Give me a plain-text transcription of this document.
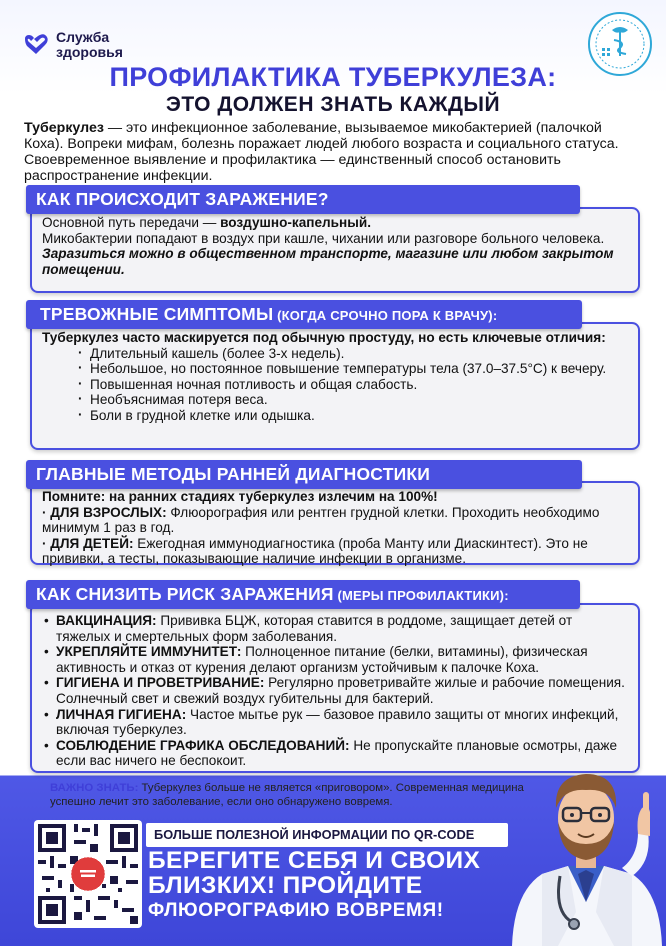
Служба
здоровья
ПРОФИЛАКТИКА ТУБЕРКУЛЕЗА:
ЭТО ДОЛЖЕН ЗНАТЬ КАЖДЫЙ
Туберкулез — это инфекционное заболевание, вызываемое микобактерией (палочкой Коха). Вопреки мифам, болезнь поражает людей любого возраста и социального статуса. Своевременное выявление и профилактика — единственный способ остановить распространение инфекции.
Основной путь передачи — воздушно-капельный.
Микобактерии попадают в воздух при кашле, чихании или разговоре больного человека.
Заразиться можно в общественном транспорте, магазине или любом закрытом помещении.
КАК ПРОИСХОДИТ ЗАРАЖЕНИЕ?
Туберкулез часто маскируется под обычную простуду, но есть ключевые отличия:
· Длительный кашель (более 3-х недель).
· Небольшое, но постоянное повышение температуры тела (37.0–37.5°C) к вечеру.
· Повышенная ночная потливость и общая слабость.
· Необъяснимая потеря веса.
· Боли в грудной клетке или одышка.
ТРЕВОЖНЫЕ СИМПТОМЫ (КОГДА СРОЧНО ПОРА К ВРАЧУ):
Помните: на ранних стадиях туберкулез излечим на 100%!
· ДЛЯ ВЗРОСЛЫХ: Флюорография или рентген грудной клетки. Проходить необходимо минимум 1 раз в год.
· ДЛЯ ДЕТЕЙ: Ежегодная иммунодиагностика (проба Манту или Диаскинтест). Это не прививки, а тесты, показывающие наличие инфекции в организме.
ГЛАВНЫЕ МЕТОДЫ РАННЕЙ ДИАГНОСТИКИ
• ВАКЦИНАЦИЯ: Прививка БЦЖ, которая ставится в роддоме, защищает детей от тяжелых и смертельных форм заболевания.
• УКРЕПЛЯЙТЕ ИММУНИТЕТ: Полноценное питание (белки, витамины), физическая активность и отказ от курения делают организм устойчивым к палочке Коха.
• ГИГИЕНА И ПРОВЕТРИВАНИЕ: Регулярно проветривайте жилые и рабочие помещения. Солнечный свет и свежий воздух губительны для бактерий.
• ЛИЧНАЯ ГИГИЕНА: Частое мытье рук — базовое правило защиты от многих инфекций, включая туберкулез.
• СОБЛЮДЕНИЕ ГРАФИКА ОБСЛЕДОВАНИЙ: Не пропускайте плановые осмотры, даже если вас ничего не беспокоит.
КАК СНИЗИТЬ РИСК ЗАРАЖЕНИЯ (МЕРЫ ПРОФИЛАКТИКИ):
ВАЖНО ЗНАТЬ: Туберкулез больше не является «приговором». Современная медицина успешно лечит это заболевание, если оно обнаружено вовремя.
БОЛЬШЕ ПОЛЕЗНОЙ ИНФОРМАЦИИ ПО QR-CODE
БЕРЕГИТЕ СЕБЯ И СВОИХ
БЛИЗКИХ! ПРОЙДИТЕ
ФЛЮОРОГРАФИЮ ВОВРЕМЯ!
